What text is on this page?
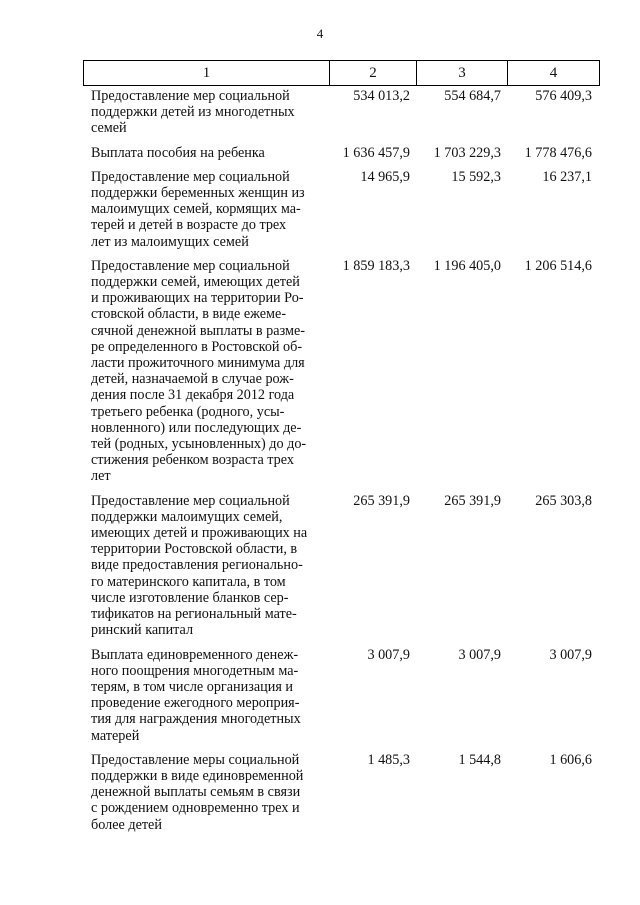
4
1	2	3	4
Предоставление мер социальной
поддержки детей из многодетных
семей
534 013,2	554 684,7	576 409,3
Выплата пособия на ребенка	1 636 457,9	1 703 229,3	1 778 476,6
Предоставление мер социальной
поддержки беременных женщин из
малоимущих семей, кормящих ма-
терей и детей в возрасте до трех
лет из малоимущих семей
14 965,9	15 592,3	16 237,1
Предоставление мер социальной
поддержки семей, имеющих детей
и проживающих на территории Ро-
стовской области, в виде ежеме-
сячной денежной выплаты в разме-
ре определенного в Ростовской об-
ласти прожиточного минимума для
детей, назначаемой в случае рож-
дения после 31 декабря 2012 года
третьего ребенка (родного, усы-
новленного) или последующих де-
тей (родных, усыновленных) до до-
стижения ребенком возраста трех
лет
1 859 183,3	1 196 405,0	1 206 514,6
Предоставление мер социальной
поддержки малоимущих семей,
имеющих детей и проживающих на
территории Ростовской области, в
виде предоставления регионально-
го материнского капитала, в том
числе изготовление бланков сер-
тификатов на региональный мате-
ринский капитал
265 391,9	265 391,9	265 303,8
Выплата единовременного денеж-
ного поощрения многодетным ма-
терям, в том числе организация и
проведение ежегодного мероприя-
тия для награждения многодетных
матерей
3 007,9	3 007,9	3 007,9
Предоставление меры социальной
поддержки в виде единовременной
денежной выплаты семьям в связи
с рождением одновременно трех и
более детей
1 485,3	1 544,8	1 606,6
